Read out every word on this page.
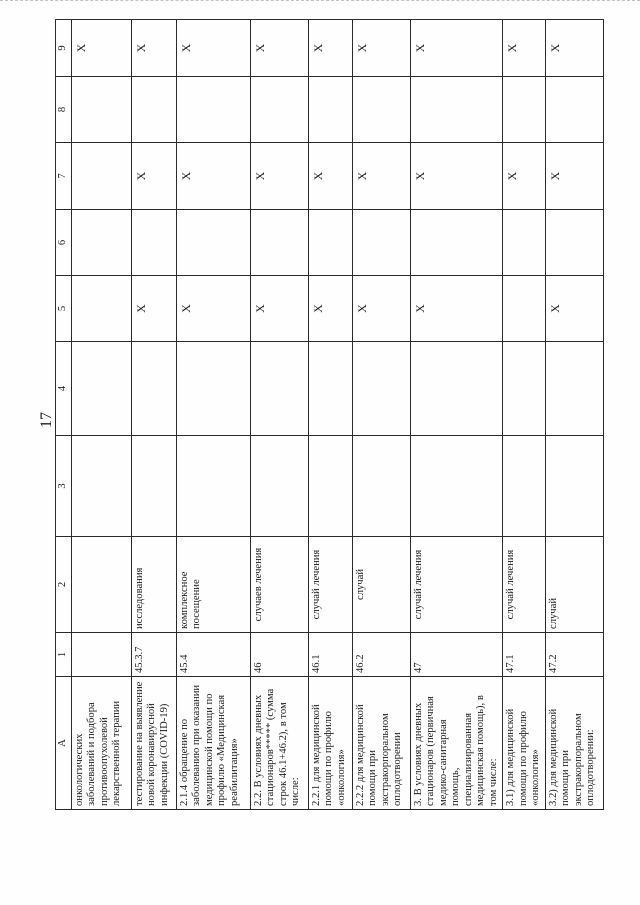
17
А	1	2	3	4	5	6	7	8	9
онкологических заболеваний и подбора противоопухолевой лекарственной терапии									Х
тестирование на выявление новой коронавирусной инфекции (COVID-19)	45.3.7	исследования			Х		Х		Х
2.1.4 обращение по заболеванию при оказании медицинской помощи по профилю «Медицинская реабилитация»	45.4	комплексное посещение			Х		Х		Х
2.2. В условиях дневных стационаров***** (сумма строк 46.1+46.2), в том числе:	46	случаев лечения			Х		Х		Х
2.2.1 для медицинской помощи по профилю «онкология»	46.1	случай лечения			Х		Х		Х
2.2.2 для медицинской помощи при экстракорпоральном оплодотворении	46.2	случай			Х		Х		Х
3. В условиях дневных стационаров (первичная медико-санитарная помощь, специализированная медицинская помощь), в том числе:	47	случай лечения			Х		Х		Х
3.1) для медицинской помощи по профилю «онкология»	47.1	случай лечения					Х		Х
3.2) для медицинской помощи при экстракорпоральном оплодотворении:	47.2	случай			Х		Х		Х
